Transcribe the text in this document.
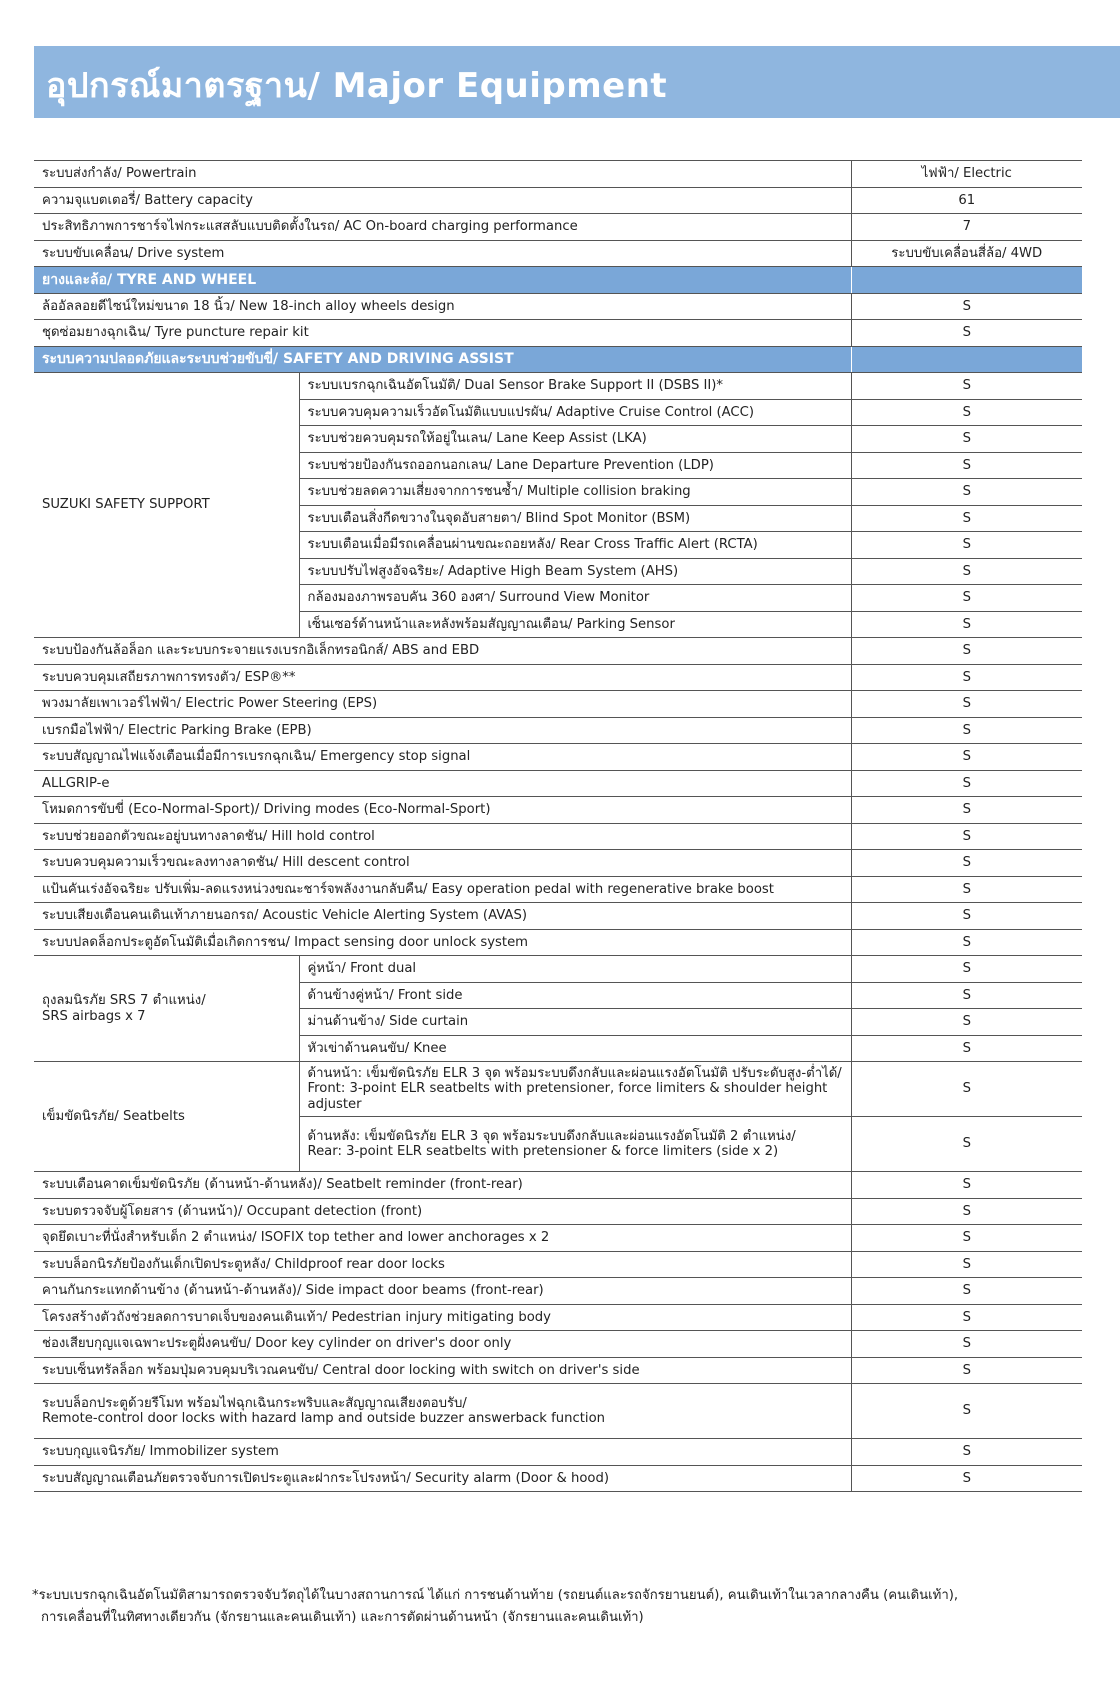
อุปกรณ์มาตรฐาน/ Major Equipment
ระบบส่งกำลัง/ Powertrain		ไฟฟ้า/ Electric
ความจุแบตเตอรี่/ Battery capacity		61
ประสิทธิภาพการชาร์จไฟกระแสสลับแบบติดตั้งในรถ/ AC On-board charging performance		7
ระบบขับเคลื่อน/ Drive system		ระบบขับเคลื่อนสี่ล้อ/ 4WD
ยางและล้อ/ TYRE AND WHEEL		
ล้ออัลลอยดีไซน์ใหม่ขนาด 18 นิ้ว/ New 18-inch alloy wheels design		S
ชุดซ่อมยางฉุกเฉิน/ Tyre puncture repair kit		S
ระบบความปลอดภัยและระบบช่วยขับขี่/ SAFETY AND DRIVING ASSIST		
SUZUKI SAFETY SUPPORT	ระบบเบรกฉุกเฉินอัตโนมัติ/ Dual Sensor Brake Support II (DSBS II)*	S
	ระบบควบคุมความเร็วอัตโนมัติแบบแปรผัน/ Adaptive Cruise Control (ACC)	S
	ระบบช่วยควบคุมรถให้อยู่ในเลน/ Lane Keep Assist (LKA)	S
	ระบบช่วยป้องกันรถออกนอกเลน/ Lane Departure Prevention (LDP)	S
	ระบบช่วยลดความเสี่ยงจากการชนซ้ำ/ Multiple collision braking	S
	ระบบเตือนสิ่งกีดขวางในจุดอับสายตา/ Blind Spot Monitor (BSM)	S
	ระบบเตือนเมื่อมีรถเคลื่อนผ่านขณะถอยหลัง/ Rear Cross Traffic Alert (RCTA)	S
	ระบบปรับไฟสูงอัจฉริยะ/ Adaptive High Beam System (AHS)	S
	กล้องมองภาพรอบคัน 360 องศา/ Surround View Monitor	S
	เซ็นเซอร์ด้านหน้าและหลังพร้อมสัญญาณเตือน/ Parking Sensor	S
ระบบป้องกันล้อล็อก และระบบกระจายแรงเบรกอิเล็กทรอนิกส์/ ABS and EBD		S
ระบบควบคุมเสถียรภาพการทรงตัว/ ESP®**		S
พวงมาลัยเพาเวอร์ไฟฟ้า/ Electric Power Steering (EPS)		S
เบรกมือไฟฟ้า/ Electric Parking Brake (EPB)		S
ระบบสัญญาณไฟแจ้งเตือนเมื่อมีการเบรกฉุกเฉิน/ Emergency stop signal		S
ALLGRIP-e		S
โหมดการขับขี่ (Eco-Normal-Sport)/ Driving modes (Eco-Normal-Sport)		S
ระบบช่วยออกตัวขณะอยู่บนทางลาดชัน/ Hill hold control		S
ระบบควบคุมความเร็วขณะลงทางลาดชัน/ Hill descent control		S
แป้นคันเร่งอัจฉริยะ ปรับเพิ่ม-ลดแรงหน่วงขณะชาร์จพลังงานกลับคืน/ Easy operation pedal with regenerative brake boost		S
ระบบเสียงเตือนคนเดินเท้าภายนอกรถ/ Acoustic Vehicle Alerting System (AVAS)		S
ระบบปลดล็อกประตูอัตโนมัติเมื่อเกิดการชน/ Impact sensing door unlock system		S

ถุงลมนิรภัย SRS 7 ตำแหน่ง/
SRS airbags x 7	คู่หน้า/ Front dual	S
	ด้านข้างคู่หน้า/ Front side	S
	ม่านด้านข้าง/ Side curtain	S
	หัวเข่าด้านคนขับ/ Knee	S
เข็มขัดนิรภัย/ Seatbelts	ด้านหน้า: เข็มขัดนิรภัย ELR 3 จุด พร้อมระบบดึงกลับและผ่อนแรงอัตโนมัติ ปรับระดับสูง-ต่ำได้/
Front: 3-point ELR seatbelts with pretensioner, force limiters & shoulder height adjuster	S

	ด้านหลัง: เข็มขัดนิรภัย ELR 3 จุด พร้อมระบบดึงกลับและผ่อนแรงอัตโนมัติ 2 ตำแหน่ง/
Rear: 3-point ELR seatbelts with pretensioner & force limiters (side x 2)	S
ระบบเตือนคาดเข็มขัดนิรภัย (ด้านหน้า-ด้านหลัง)/ Seatbelt reminder (front-rear)		S
ระบบตรวจจับผู้โดยสาร (ด้านหน้า)/ Occupant detection (front)		S
จุดยึดเบาะที่นั่งสำหรับเด็ก 2 ตำแหน่ง/ ISOFIX top tether and lower anchorages x 2		S
ระบบล็อกนิรภัยป้องกันเด็กเปิดประตูหลัง/ Childproof rear door locks		S
คานกันกระแทกด้านข้าง (ด้านหน้า-ด้านหลัง)/ Side impact door beams (front-rear)		S
โครงสร้างตัวถังช่วยลดการบาดเจ็บของคนเดินเท้า/ Pedestrian injury mitigating body		S
ช่องเสียบกุญแจเฉพาะประตูฝั่งคนขับ/ Door key cylinder on driver's door only		S
ระบบเซ็นทรัลล็อก พร้อมปุ่มควบคุมบริเวณคนขับ/ Central door locking with switch on driver's side		S

ระบบล็อกประตูด้วยรีโมท พร้อมไฟฉุกเฉินกระพริบและสัญญาณเสียงตอบรับ/
Remote-control door locks with hazard lamp and outside buzzer answerback function		S
ระบบกุญแจนิรภัย/ Immobilizer system		S
ระบบสัญญาณเตือนภัยตรวจจับการเปิดประตูและฝากระโปรงหน้า/ Security alarm (Door & hood)		S
*ระบบเบรกฉุกเฉินอัตโนมัติสามารถตรวจจับวัตถุได้ในบางสถานการณ์ ได้แก่ การชนด้านท้าย (รถยนต์และรถจักรยานยนต์), คนเดินเท้าในเวลากลางคืน (คนเดินเท้า),
การเคลื่อนที่ในทิศทางเดียวกัน (จักรยานและคนเดินเท้า) และการตัดผ่านด้านหน้า (จักรยานและคนเดินเท้า)
